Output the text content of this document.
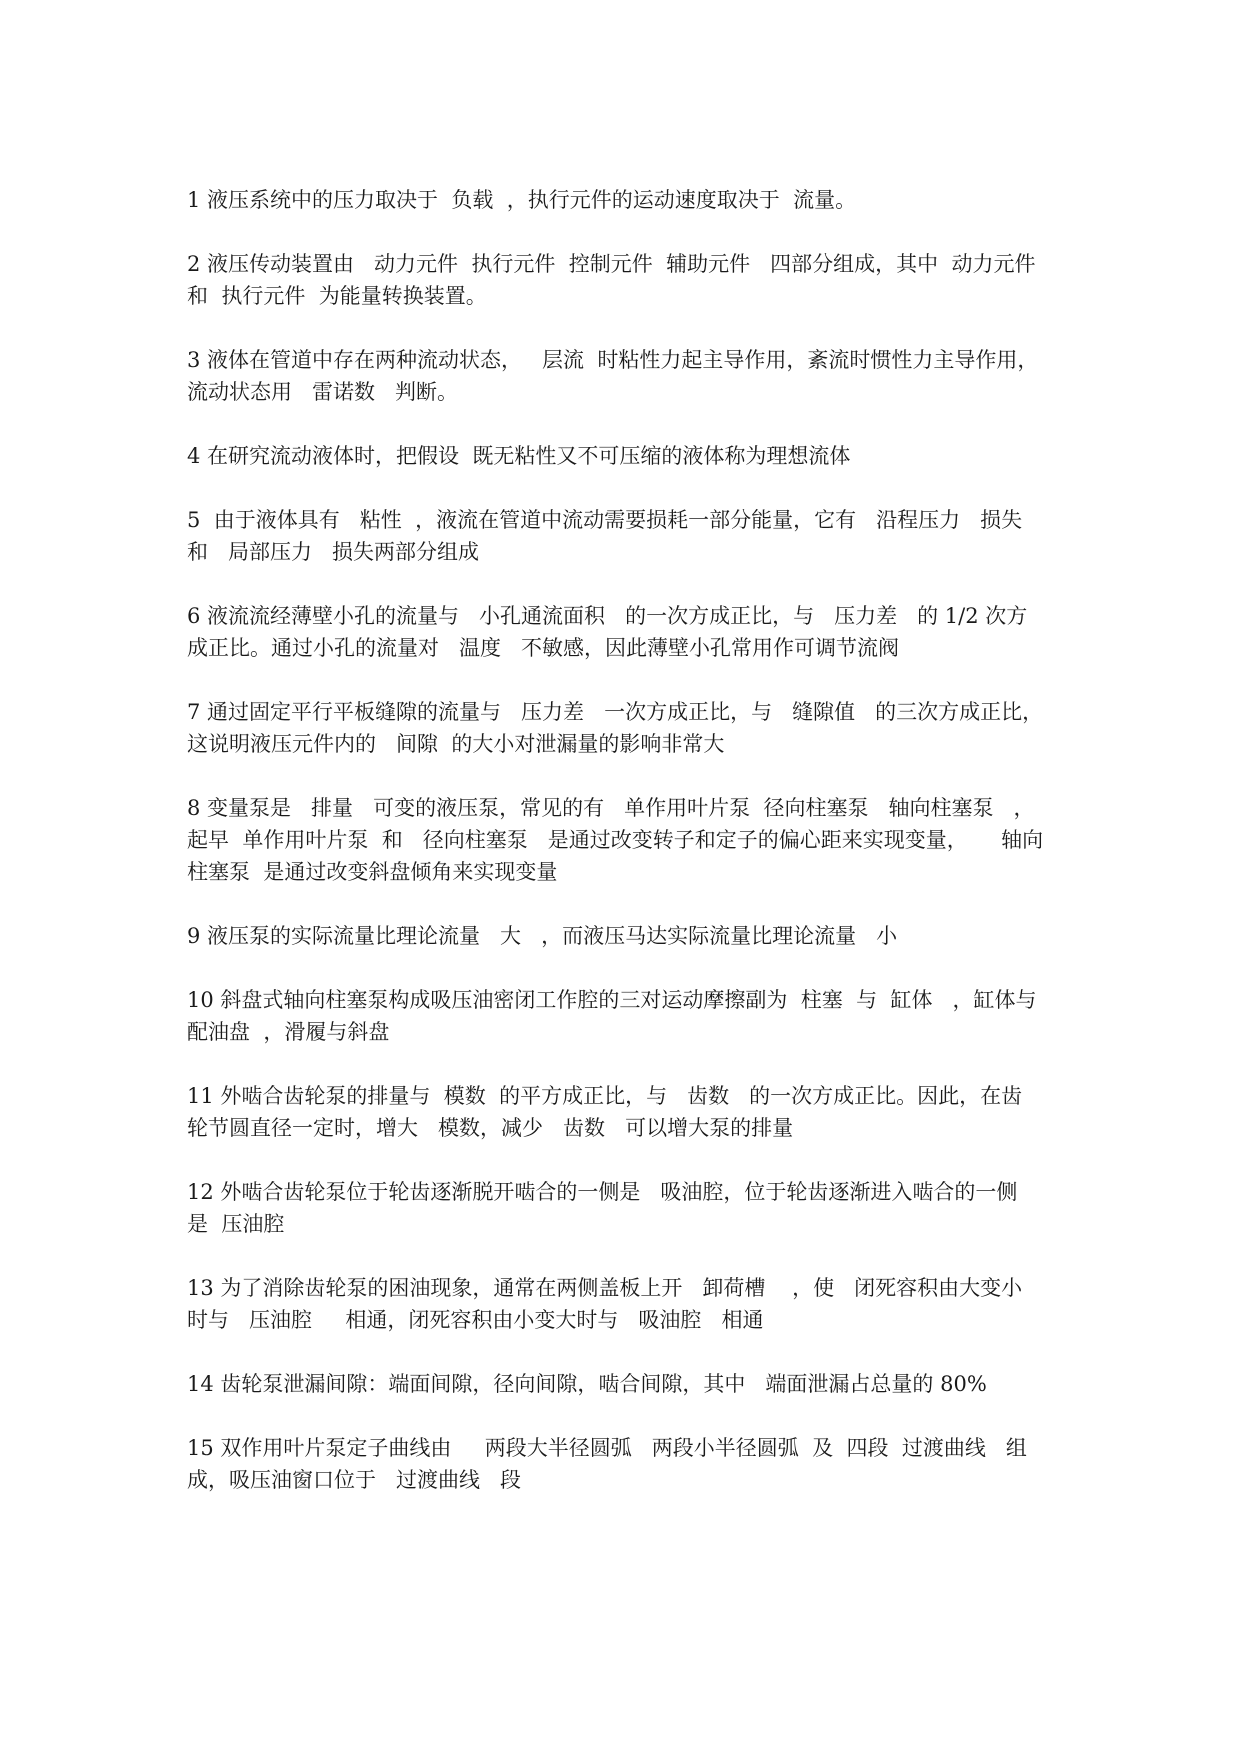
1 液压系统中的压力取决于  负载  ，执行元件的运动速度取决于  流量。
2 液压传动装置由   动力元件  执行元件  控制元件  辅助元件   四部分组成，其中  动力元件
和  执行元件  为能量转换装置。
3 液体在管道中存在两种流动状态，   层流  时粘性力起主导作用，紊流时惯性力主导作用，
流动状态用   雷诺数   判断。
4 在研究流动液体时，把假设  既无粘性又不可压缩的液体称为理想流体
5  由于液体具有   粘性  ，液流在管道中流动需要损耗一部分能量，它有   沿程压力   损失
和   局部压力   损失两部分组成
6 液流流经薄壁小孔的流量与   小孔通流面积   的一次方成正比，与   压力差   的 1/2 次方
成正比。通过小孔的流量对   温度   不敏感，因此薄壁小孔常用作可调节流阀
7 通过固定平行平板缝隙的流量与   压力差   一次方成正比，与   缝隙值   的三次方成正比，
这说明液压元件内的   间隙  的大小对泄漏量的影响非常大
8 变量泵是   排量   可变的液压泵，常见的有   单作用叶片泵  径向柱塞泵   轴向柱塞泵   ，
起早  单作用叶片泵  和   径向柱塞泵   是通过改变转子和定子的偏心距来实现变量，     轴向
柱塞泵  是通过改变斜盘倾角来实现变量
9 液压泵的实际流量比理论流量   大   ，而液压马达实际流量比理论流量   小
10 斜盘式轴向柱塞泵构成吸压油密闭工作腔的三对运动摩擦副为  柱塞  与  缸体   ，缸体与
配油盘  ，滑履与斜盘
11 外啮合齿轮泵的排量与  模数  的平方成正比，与   齿数   的一次方成正比。因此，在齿
轮节圆直径一定时，增大   模数，减少   齿数   可以增大泵的排量
12 外啮合齿轮泵位于轮齿逐渐脱开啮合的一侧是   吸油腔，位于轮齿逐渐进入啮合的一侧
是  压油腔
13 为了消除齿轮泵的困油现象，通常在两侧盖板上开   卸荷槽    ，使   闭死容积由大变小
时与   压油腔     相通，闭死容积由小变大时与   吸油腔   相通
14 齿轮泵泄漏间隙：端面间隙，径向间隙，啮合间隙，其中   端面泄漏占总量的 80%
15 双作用叶片泵定子曲线由     两段大半径圆弧   两段小半径圆弧  及  四段  过渡曲线   组
成，吸压油窗口位于   过渡曲线   段
